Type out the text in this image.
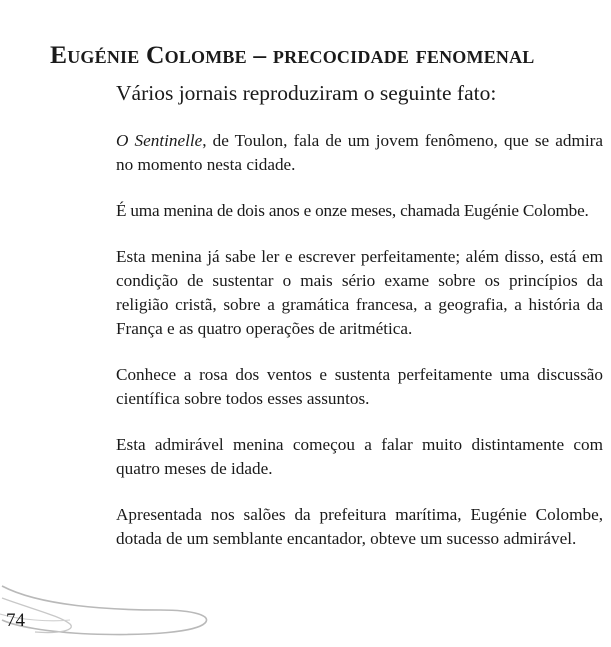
Eugénie Colombe – precocidade fenomenal
Vários jornais reproduziram o seguinte fato:

O Sentinelle, de Toulon, fala de um jovem fenômeno, que se admira no momento nesta cidade.

É uma menina de dois anos e onze meses, chamada Eugénie Colombe.

Esta menina já sabe ler e escrever perfeitamente; além disso, está em condição de sustentar o mais sério exame sobre os princípios da religião cristã, sobre a gramática francesa, a geografia, a história da França e as quatro operações de aritmética.

Conhece a rosa dos ventos e sustenta perfeitamente uma discussão científica sobre todos esses assuntos.

Esta admirável menina começou a falar muito distintamente com quatro meses de idade.

Apresentada nos salões da prefeitura marítima, Eugénie Colombe, dotada de um semblante encantador, obteve um sucesso admirável.

74
